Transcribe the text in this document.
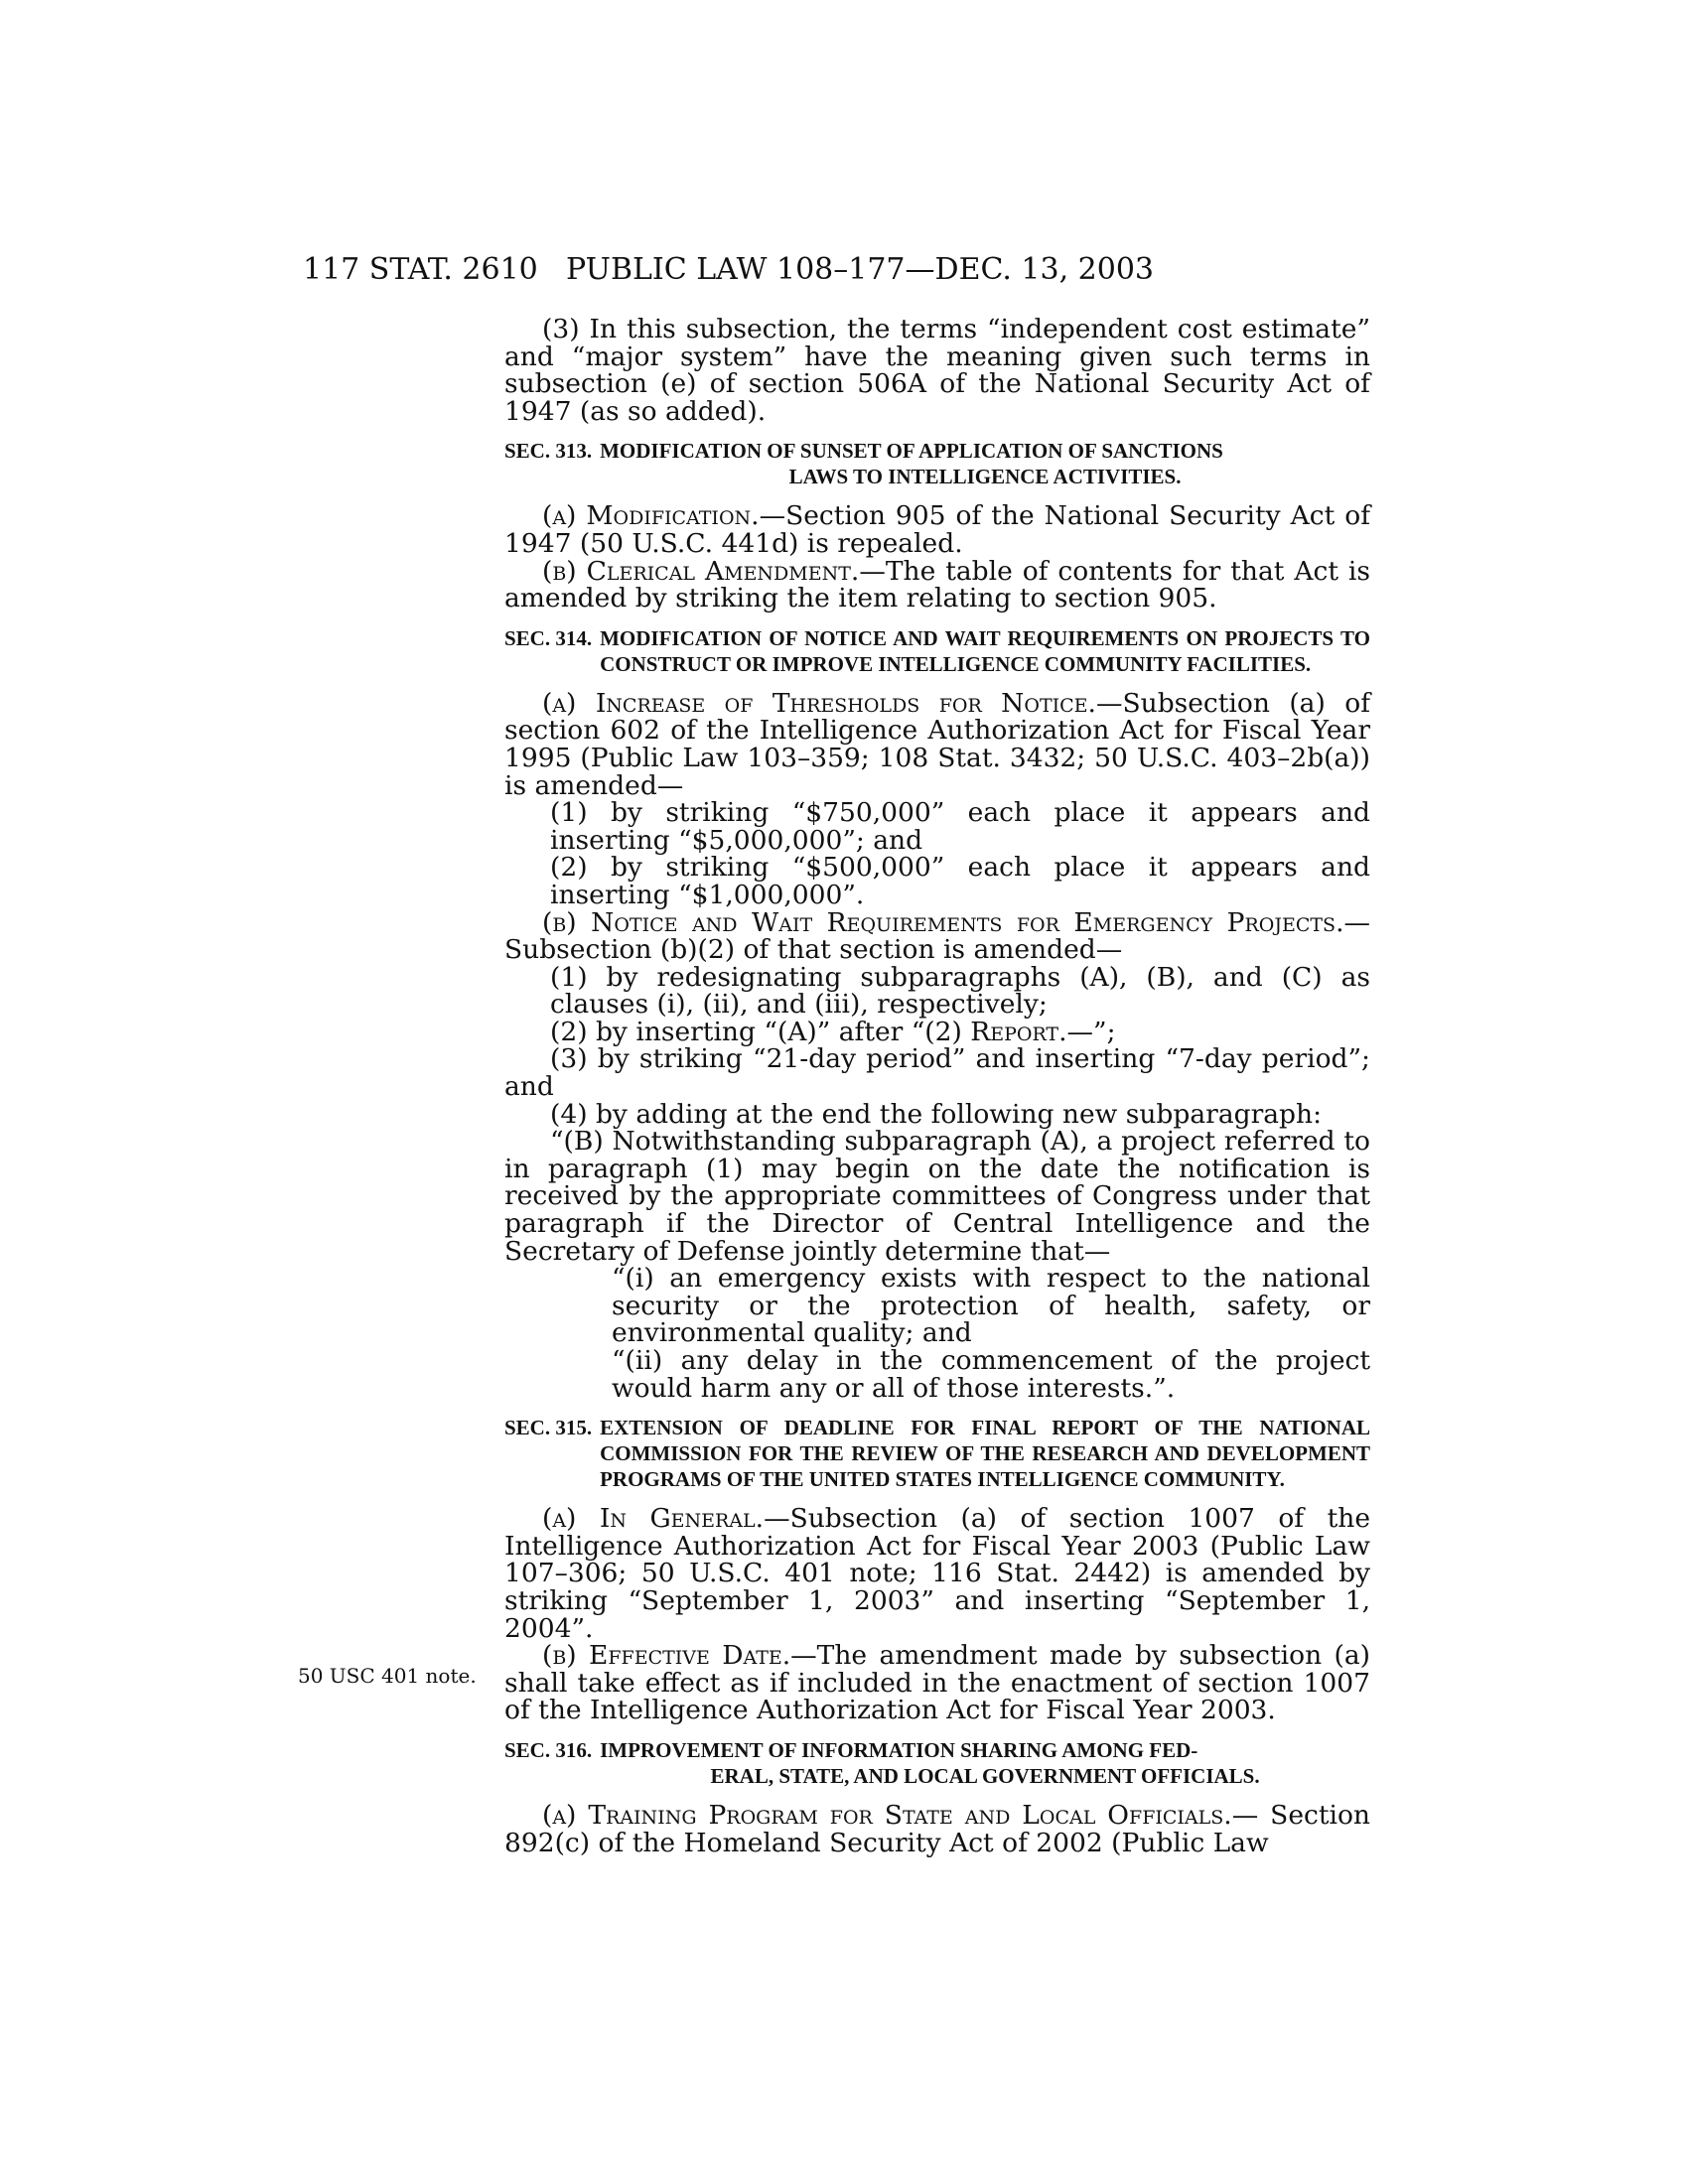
117 STAT. 2610 PUBLIC LAW 108–177—DEC. 13, 2003
50 USC 401 note.

(3) In this subsection, the terms “independent cost estimate” and “major system” have the meaning given such terms in subsection (e) of section 506A of the National Security Act of 1947 (as so added).

SEC. 313. MODIFICATION OF SUNSET OF APPLICATION OF SANCTIONS
LAWS TO INTELLIGENCE ACTIVITIES.

(a) Modification.—Section 905 of the National Security Act of 1947 (50 U.S.C. 441d) is repealed.

(b) Clerical Amendment.—The table of contents for that Act is amended by striking the item relating to section 905.

SEC. 314. MODIFICATION OF NOTICE AND WAIT REQUIREMENTS ON PROJECTS TO CONSTRUCT OR IMPROVE INTELLIGENCE COMMUNITY FACILITIES.

(a) Increase of Thresholds for Notice.—Subsection (a) of section 602 of the Intelligence Authorization Act for Fiscal Year 1995 (Public Law 103–359; 108 Stat. 3432; 50 U.S.C. 403–2b(a)) is amended—

(1) by striking “$750,000” each place it appears and inserting “$5,000,000”; and

(2) by striking “$500,000” each place it appears and inserting “$1,000,000”.

(b) Notice and Wait Requirements for Emergency Projects.—Subsection (b)(2) of that section is amended—

(1) by redesignating subparagraphs (A), (B), and (C) as clauses (i), (ii), and (iii), respectively;

(2) by inserting “(A)” after “(2) Report.—”;

(3) by striking “21-day period” and inserting “7-day period”; and

(4) by adding at the end the following new subparagraph:

“(B) Notwithstanding subparagraph (A), a project referred to in paragraph (1) may begin on the date the notification is received by the appropriate committees of Congress under that paragraph if the Director of Central Intelligence and the Secretary of Defense jointly determine that—

“(i) an emergency exists with respect to the national security or the protection of health, safety, or environmental quality; and

“(ii) any delay in the commencement of the project would harm any or all of those interests.”.

SEC. 315. EXTENSION OF DEADLINE FOR FINAL REPORT OF THE NATIONAL COMMISSION FOR THE REVIEW OF THE RESEARCH AND DEVELOPMENT PROGRAMS OF THE UNITED STATES INTELLIGENCE COMMUNITY.

(a) In General.—Subsection (a) of section 1007 of the Intelligence Authorization Act for Fiscal Year 2003 (Public Law 107–306; 50 U.S.C. 401 note; 116 Stat. 2442) is amended by striking “September 1, 2003” and inserting “September 1, 2004”.

(b) Effective Date.—The amendment made by subsection (a) shall take effect as if included in the enactment of section 1007 of the Intelligence Authorization Act for Fiscal Year 2003.

SEC. 316. IMPROVEMENT OF INFORMATION SHARING AMONG FED-
ERAL, STATE, AND LOCAL GOVERNMENT OFFICIALS.

(a) Training Program for State and Local Officials.— Section 892(c) of the Homeland Security Act of 2002 (Public Law
